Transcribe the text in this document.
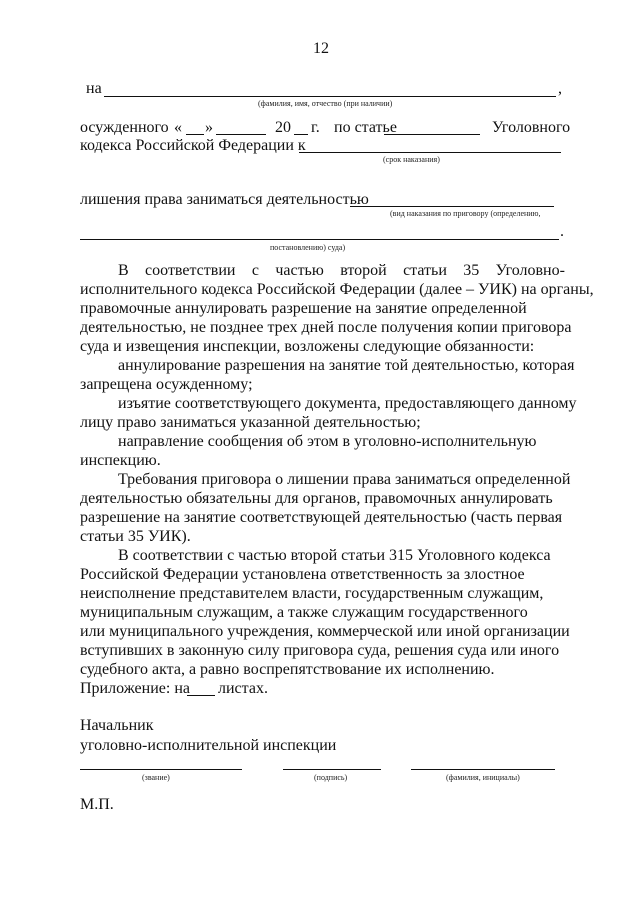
12
на	,
(фамилия, имя, отчество (при наличии)
осужденного « »	20 г. по статье	Уголовного
кодекса Российской Федерации к
(срок наказания)
лишения права заниматься деятельностью
(вид наказания по приговору (определению,
.
постановлению) суда)
В соответствии с частью второй статьи 35 Уголовно-
исполнительного кодекса Российской Федерации (далее – УИК) на органы,
правомочные аннулировать разрешение на занятие определенной
деятельностью, не позднее трех дней после получения копии приговора
суда и извещения инспекции, возложены следующие обязанности:
аннулирование разрешения на занятие той деятельностью, которая
запрещена осужденному;
изъятие соответствующего документа, предоставляющего данному
лицу право заниматься указанной деятельностью;
направление сообщения об этом в уголовно-исполнительную
инспекцию.
Требования приговора о лишении права заниматься определенной
деятельностью обязательны для органов, правомочных аннулировать
разрешение на занятие соответствующей деятельностью (часть первая
статьи 35 УИК).
В соответствии с частью второй статьи 315 Уголовного кодекса
Российской Федерации установлена ответственность за злостное
неисполнение представителем власти, государственным служащим,
муниципальным служащим, а также служащим государственного
или муниципального учреждения, коммерческой или иной организации
вступивших в законную силу приговора суда, решения суда или иного
судебного акта, а равно воспрепятствование их исполнению.
Приложение: на листах.
Начальник
уголовно-исполнительной инспекции
(звание)	(подпись)	(фамилия, инициалы)
М.П.
